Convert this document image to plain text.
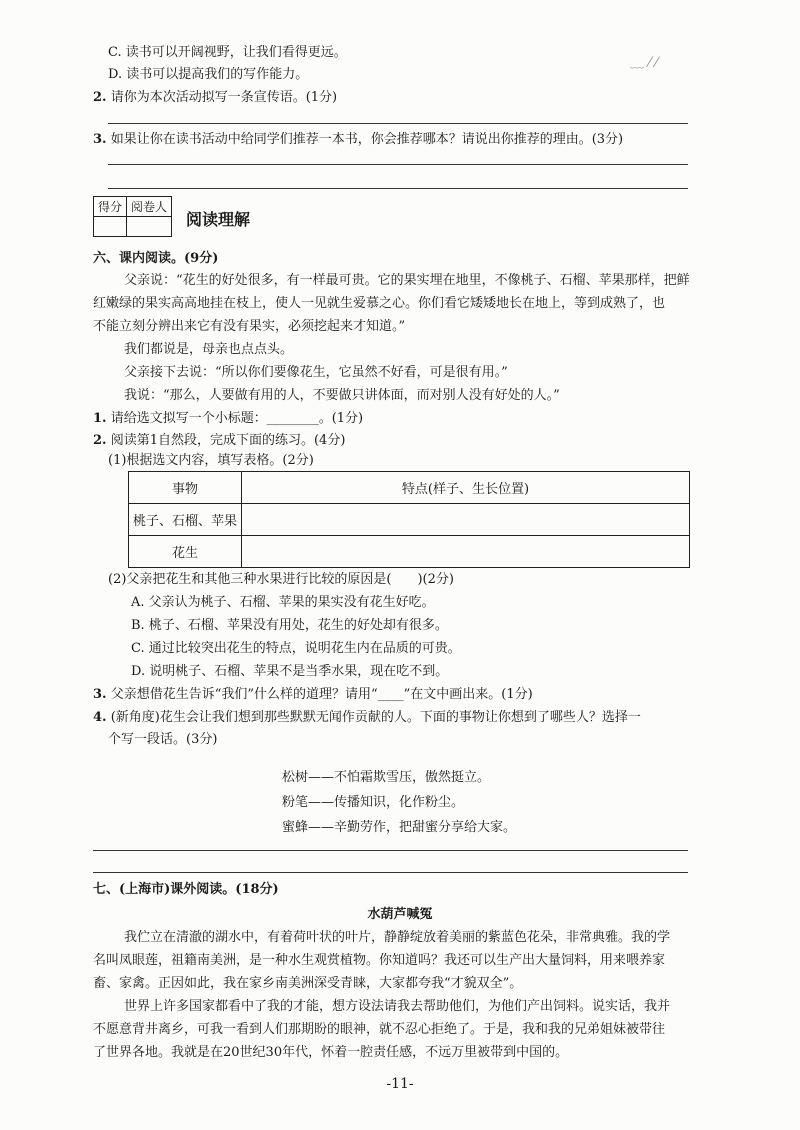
C. 读书可以开阔视野，让我们看得更远。
D. 读书可以提高我们的写作能力。
﹏ ⁄ ⁄
2. 请你为本次活动拟写一条宣传语。(1分)
3. 如果让你在读书活动中给同学们推荐一本书，你会推荐哪本？请说出你推荐的理由。(3分)
得分	阅卷人

阅读理解
六、课内阅读。(9分)
父亲说：“花生的好处很多，有一样最可贵。它的果实埋在地里，不像桃子、石榴、苹果那样，把鲜
红嫩绿的果实高高地挂在枝上，使人一见就生爱慕之心。你们看它矮矮地长在地上，等到成熟了，也
不能立刻分辨出来它有没有果实，必须挖起来才知道。”
我们都说是，母亲也点点头。
父亲接下去说：“所以你们要像花生，它虽然不好看，可是很有用。”
我说：“那么，人要做有用的人，不要做只讲体面，而对别人没有好处的人。”
1. 请给选文拟写一个小标题：________。(1分)
2. 阅读第1自然段，完成下面的练习。(4分)
(1)根据选文内容，填写表格。(2分)
事物	特点(样子、生长位置)
桃子、石榴、苹果	
花生	
(2)父亲把花生和其他三种水果进行比较的原因是(　　)(2分)
A. 父亲认为桃子、石榴、苹果的果实没有花生好吃。
B. 桃子、石榴、苹果没有用处，花生的好处却有很多。
C. 通过比较突出花生的特点，说明花生内在品质的可贵。
D. 说明桃子、石榴、苹果不是当季水果，现在吃不到。
3. 父亲想借花生告诉“我们”什么样的道理？请用“____”在文中画出来。(1分)
4. (新角度)花生会让我们想到那些默默无闻作贡献的人。下面的事物让你想到了哪些人？选择一
个写一段话。(3分)
松树——不怕霜欺雪压，傲然挺立。
粉笔——传播知识，化作粉尘。
蜜蜂——辛勤劳作，把甜蜜分享给大家。
七、(上海市)课外阅读。(18分)
水葫芦喊冤
我伫立在清澈的湖水中，有着荷叶状的叶片，静静绽放着美丽的紫蓝色花朵，非常典雅。我的学
名叫凤眼莲，祖籍南美洲，是一种水生观赏植物。你知道吗？我还可以生产出大量饲料，用来喂养家
畜、家禽。正因如此，我在家乡南美洲深受青睐，大家都夸我“才貌双全”。
世界上许多国家都看中了我的才能，想方设法请我去帮助他们，为他们产出饲料。说实话，我并
不愿意背井离乡，可我一看到人们那期盼的眼神，就不忍心拒绝了。于是，我和我的兄弟姐妹被带往
了世界各地。我就是在20世纪30年代，怀着一腔责任感，不远万里被带到中国的。
-11-
